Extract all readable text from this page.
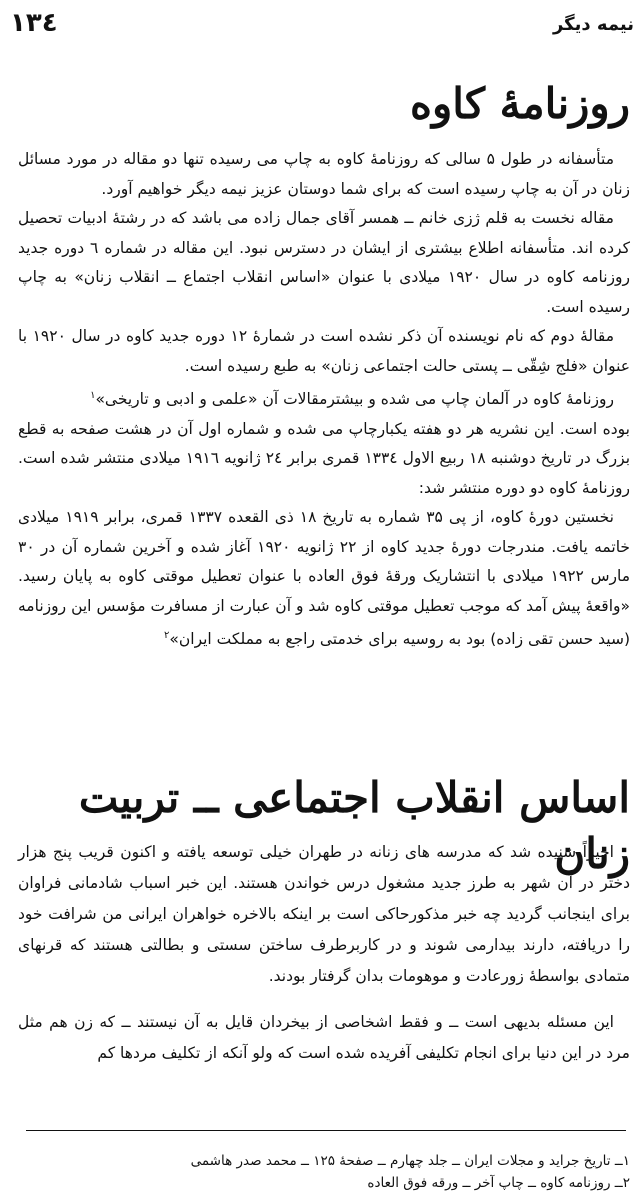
۱۳٤	نیمه دیگر
روزنامهٔ کاوه

متأسفانه در طول ۵ سالی که روزنامهٔ کاوه به چاپ می رسیده تنها دو مقاله در مورد مسائل زنان در آن به چاپ رسیده است که برای شما دوستان عزیز نیمه دیگر خواهیم آورد.

مقاله نخست به قلم ژزی خانم ــ همسر آقای جمال زاده می باشد که در رشتهٔ ادبیات تحصیل کرده اند. متأسفانه اطلاع بیشتری از ایشان در دسترس نبود. این مقاله در شماره ٦ دوره جدید روزنامه کاوه در سال ۱۹۲۰ میلادی با عنوان «اساس انقلاب اجتماع ــ انقلاب زنان» به چاپ رسیده است.

مقالهٔ دوم که نام نویسنده آن ذکر نشده است در شمارهٔ ۱۲ دوره جدید کاوه در سال ۱۹۲۰ با عنوان «فلج شِقّی ــ پستی حالت اجتماعی زنان» به طبع رسیده است.

روزنامهٔ کاوه در آلمان چاپ می شده و بیشترمقالات آن «علمی و ادبی و تاریخی»$^۱$

بوده است. این نشریه هر دو هفته یکبارچاپ می شده و شماره اول آن در هشت صفحه به قطع بزرگ در تاریخ دوشنبه ۱۸ ربیع الاول ۱۳۳٤ قمری برابر ۲٤ ژانویه ۱۹۱٦ میلادی منتشر شده است. روزنامهٔ کاوه دو دوره منتشر شد:

نخستین دورهٔ کاوه، از پی ۳۵ شماره به تاریخ ۱۸ ذی القعده ۱۳۳۷ قمری، برابر ۱۹۱۹ میلادی خاتمه یافت. مندرجات دورهٔ جدید کاوه از ۲۲ ژانویه ۱۹۲۰ آغاز شده و آخرین شماره آن در ۳۰ مارس ۱۹۲۲ میلادی با انتشاریک ورقهٔ فوق العاده با عنوان تعطیل موقتی کاوه به پایان رسید. «واقعهٔ پیش آمد که موجب تعطیل موقتی کاوه شد و آن عبارت از مسافرت مؤسس این روزنامه (سید حسن تقی زاده) بود به روسیه برای خدمتی راجع به مملکت ایران»$^۲$

اساس انقلاب اجتماعی ــ تربیت زنان

اخیراً شنیده شد که مدرسه های زنانه در طهران خیلی توسعه یافته و اکنون قریب پنج هزار دختر در آن شهر به طرز جدید مشغول درس خواندن هستند. این خبر اسباب شادمانی فراوان برای اینجانب گردید چه خبر مذکورحاکی است بر اینکه بالاخره خواهران ایرانی من شرافت خود را دریافته، دارند بیدارمی شوند و در کاربرطرف ساختن سستی و بطالتی هستند که قرنهای متمادی بواسطهٔ زورعادت و موهومات بدان گرفتار بودند.

این مسئله بدیهی است ــ و فقط اشخاصی از بیخردان قایل به آن نیستند ــ که زن هم مثل مرد در این دنیا برای انجام تکلیفی آفریده شده است که ولو آنکه از تکلیف مردها کم

۱ــ تاریخ جراید و مجلات ایران ــ جلد چهارم ــ صفحهٔ ۱۲۵ ــ محمد صدر هاشمی
۲ــ روزنامه کاوه ــ چاپ آخر ــ ورقه فوق العاده
